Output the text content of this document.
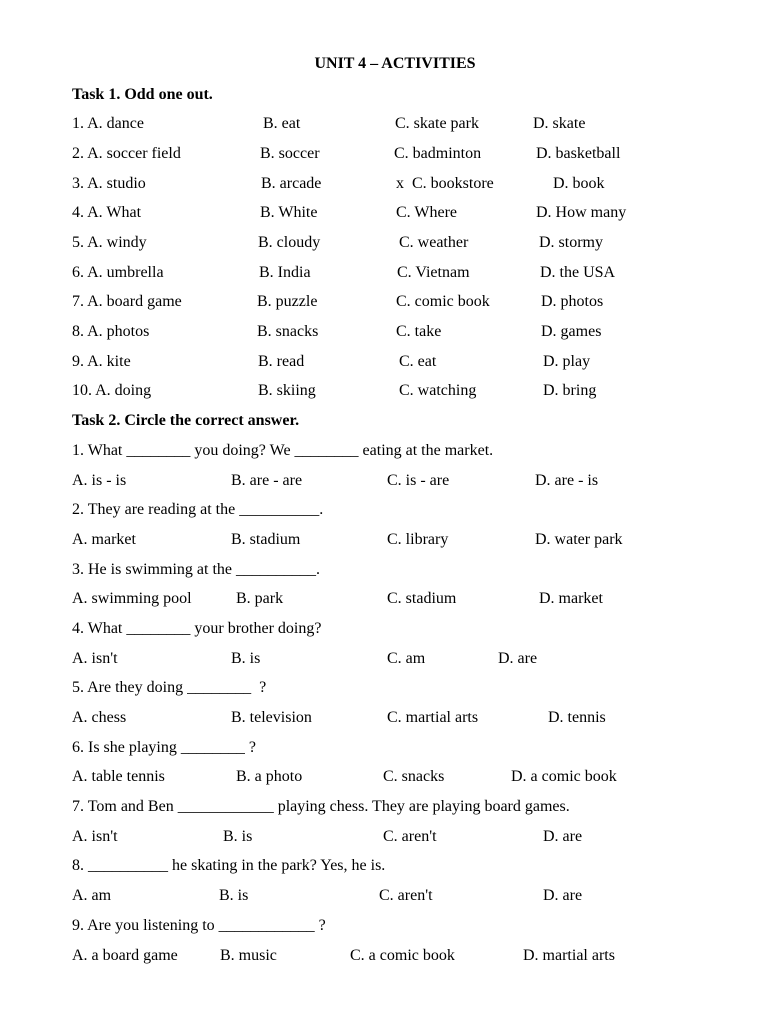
UNIT 4 – ACTIVITIES
Task 1. Odd one out.
1. A. dance	B. eat	C. skate park	D. skate
2. A. soccer field	B. soccer	C. badminton	D. basketball
3. A. studio	B. arcade	x  C. bookstore	D. book
4. A. What	B. White	C. Where	D. How many
5. A. windy	B. cloudy	C. weather	D. stormy
6. A. umbrella	B. India	C. Vietnam	D. the USA
7. A. board game	B. puzzle	C. comic book	D. photos
8. A. photos	B. snacks	C. take	D. games
9. A. kite	B. read	C. eat	D. play
10. A. doing	B. skiing	C. watching	D. bring
Task 2. Circle the correct answer.
1. What ________ you doing? We ________ eating at the market.
A. is - is	B. are - are	C. is - are	D. are - is
2. They are reading at the __________.
A. market	B. stadium	C. library	D. water park
3. He is swimming at the __________.
A. swimming pool	B. park	C. stadium	D. market
4. What ________ your brother doing?
A. isn't	B. is	C. am	D. are
5. Are they doing ________  ?
A. chess	B. television	C. martial arts	D. tennis
6. Is she playing ________ ?
A. table tennis	B. a photo	C. snacks	D. a comic book
7. Tom and Ben ____________ playing chess. They are playing board games.
A. isn't	B. is	C. aren't	D. are
8. __________ he skating in the park? Yes, he is.
A. am	B. is	C. aren't	D. are
9. Are you listening to ____________ ?
A. a board game	B. music	C. a comic book	D. martial arts
